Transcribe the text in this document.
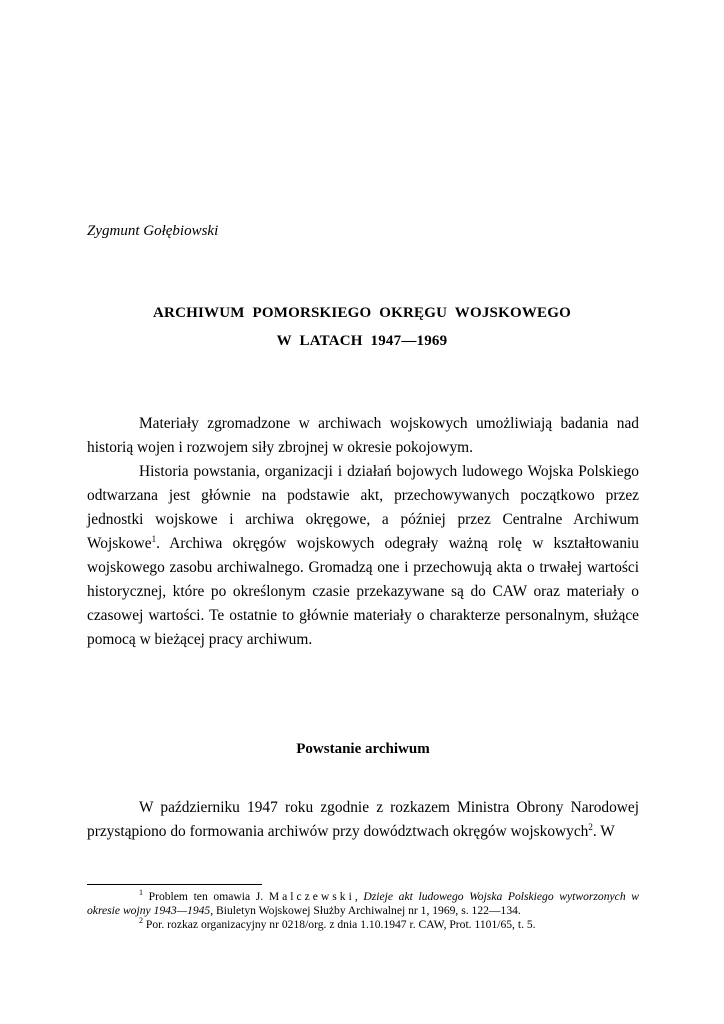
Zygmunt Gołębiowski
ARCHIWUM  POMORSKIEGO  OKRĘGU  WOJSKOWEGO
W  LATACH  1947—1969

Materiały zgromadzone w archiwach wojskowych umożliwiają badania nad historią wojen i rozwojem siły zbrojnej w okresie pokojowym.

Historia powstania, organizacji i działań bojowych ludowego Wojska Polskiego odtwarzana jest głównie na podstawie akt, przechowywanych początkowo przez jednostki wojskowe i archiwa okręgowe, a później przez Centralne Archiwum Wojskowe$^1$. Archiwa okręgów wojskowych odegrały ważną rolę w kształtowaniu wojskowego zasobu archiwalnego. Gromadzą one i przechowują akta o trwałej wartości historycznej, które po określonym czasie przekazywane są do CAW oraz materiały o czasowej wartości. Te ostatnie to głównie materiały o charakterze personalnym, służące pomocą w bieżącej pracy archiwum.

Powstanie archiwum

W październiku 1947 roku zgodnie z rozkazem Ministra Obrony Narodowej przystąpiono do formowania archiwów przy dowództwach okręgów wojskowych$^2$. W

$^1$ Problem ten omawia J. Malczewski, Dzieje akt ludowego Wojska Polskiego wytworzonych w okresie wojny 1943—1945, Biuletyn Wojskowej Służby Archiwalnej nr 1, 1969, s. 122—134.

$^2$ Por. rozkaz organizacyjny nr 0218/org. z dnia 1.10.1947 r. CAW, Prot. 1101/65, t. 5.
